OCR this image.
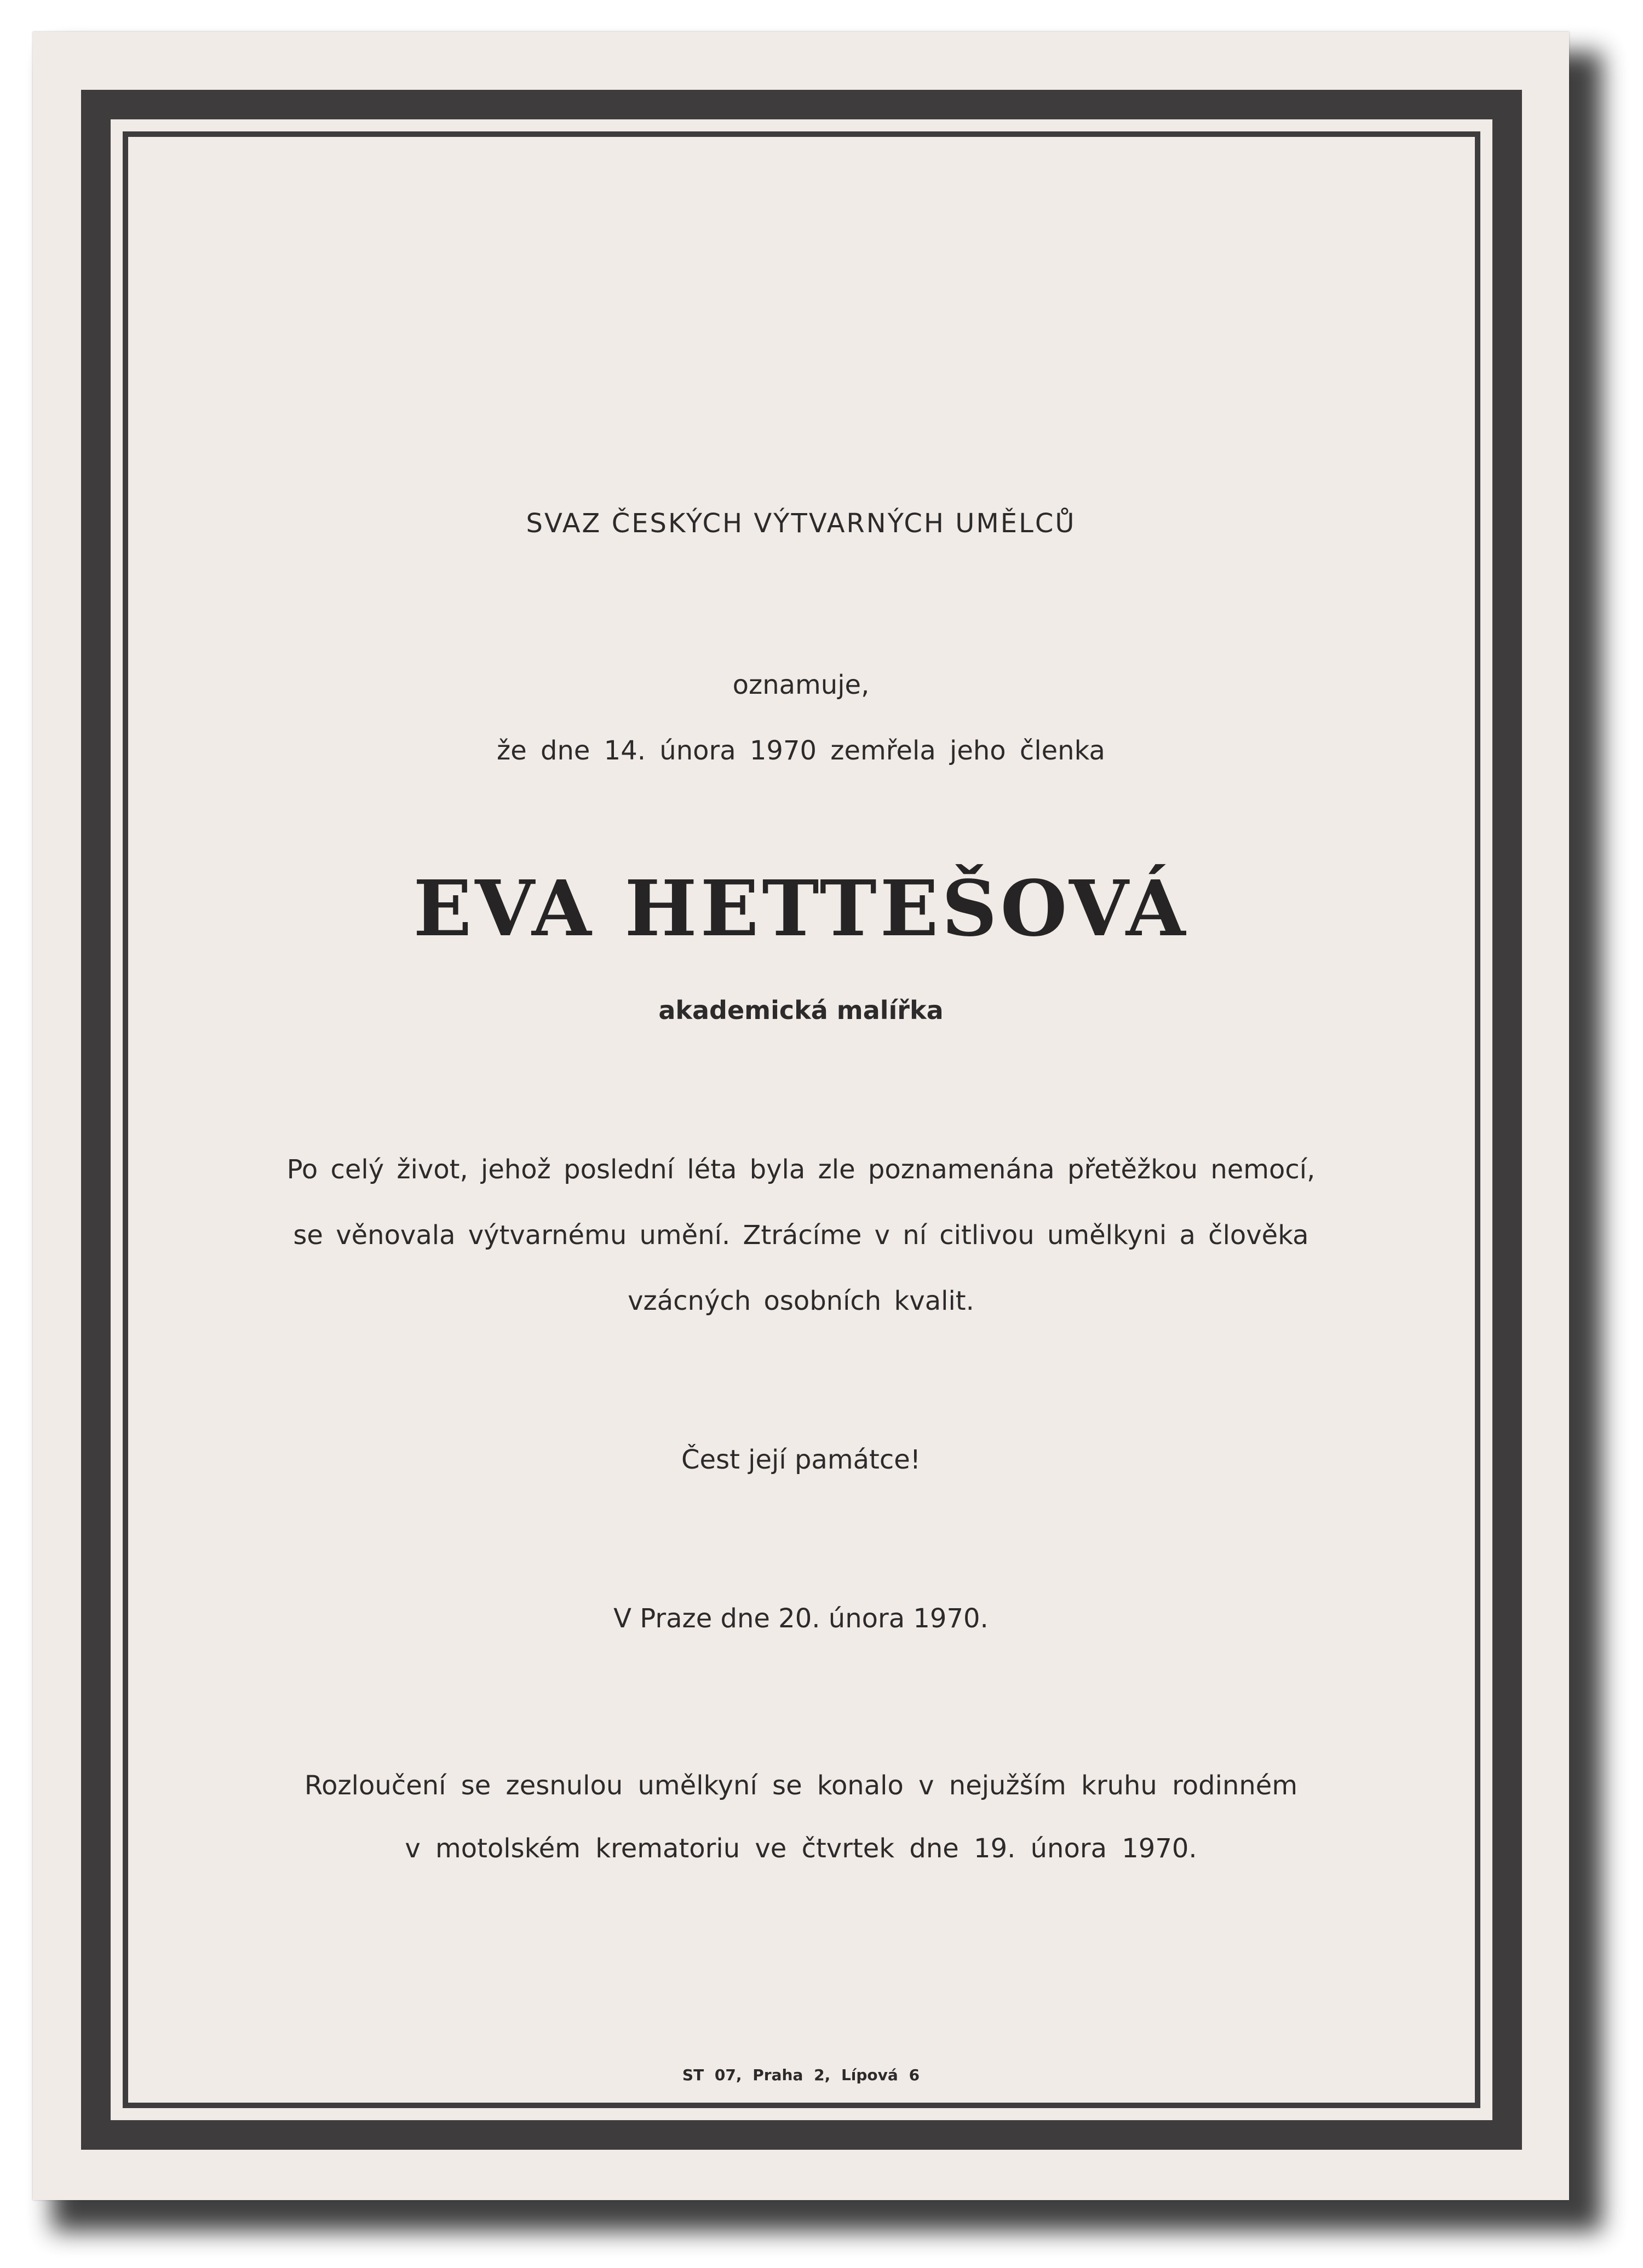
SVAZ ČESKÝCH VÝTVARNÝCH UMĚLCŮ
oznamuje,
že dne 14. února 1970 zemřela jeho členka
EVA HETTEŠOVÁ
akademická malířka
Po celý život, jehož poslední léta byla zle poznamenána přetěžkou nemocí,
se věnovala výtvarnému umění. Ztrácíme v ní citlivou umělkyni a člověka
vzácných osobních kvalit.
Čest její památce!
V Praze dne 20. února 1970.
Rozloučení se zesnulou umělkyní se konalo v nejužším kruhu rodinném
v motolském krematoriu ve čtvrtek dne 19. února 1970.
ST 07, Praha 2, Lípová 6
